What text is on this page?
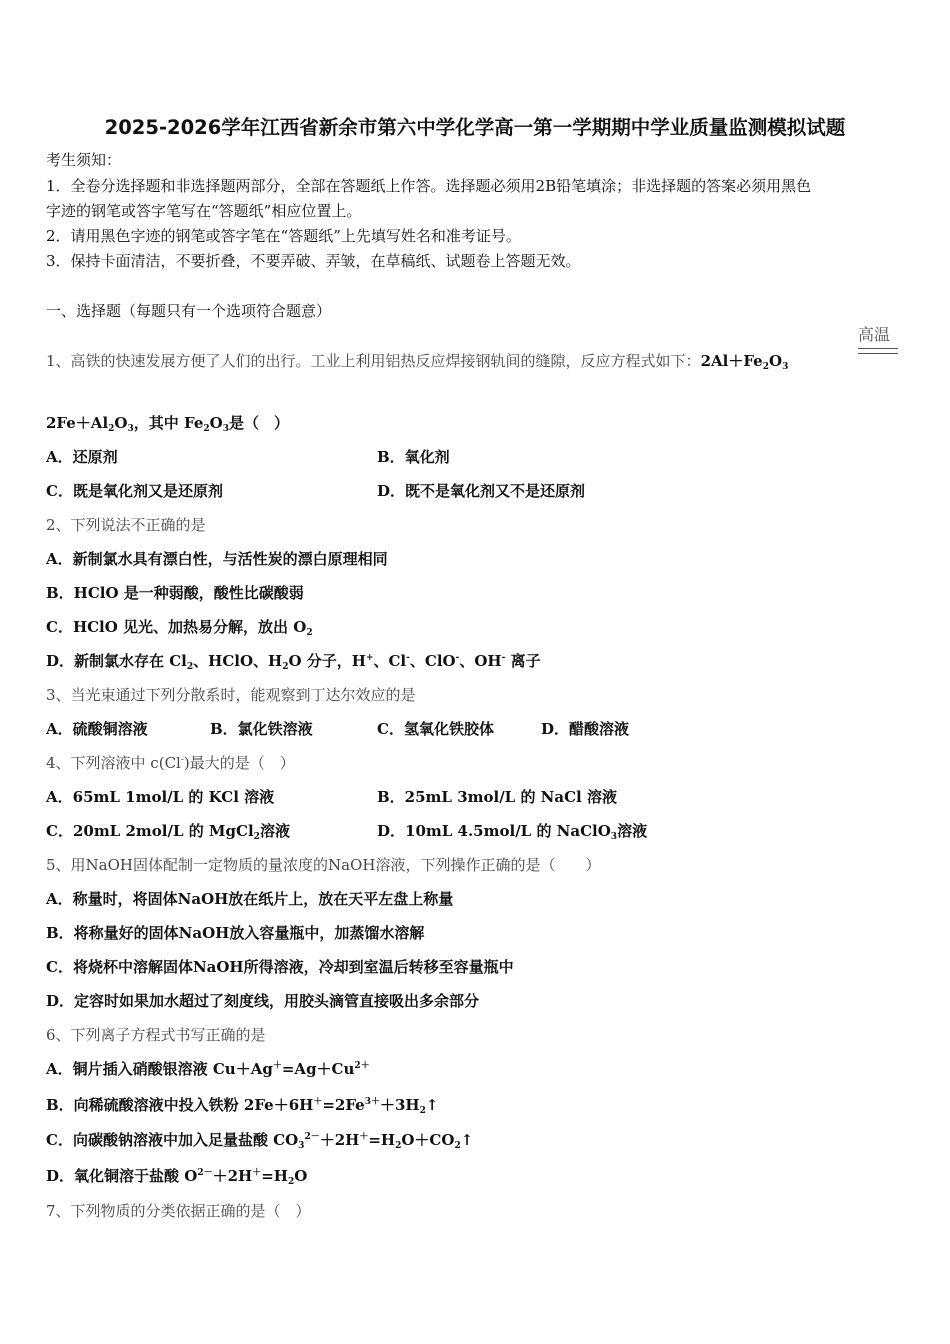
2025-2026学年江西省新余市第六中学化学高一第一学期期中学业质量监测模拟试题
考生须知：
1．全卷分选择题和非选择题两部分，全部在答题纸上作答。选择题必须用2B铅笔填涂；非选择题的答案必须用黑色
字迹的钢笔或答字笔写在“答题纸”相应位置上。
2．请用黑色字迹的钢笔或答字笔在“答题纸”上先填写姓名和准考证号。
3．保持卡面清洁，不要折叠，不要弄破、弄皱，在草稿纸、试题卷上答题无效。
一、选择题（每题只有一个选项符合题意）
1、高铁的快速发展方便了人们的出行。工业上利用铝热反应焊接钢轨间的缝隙，反应方程式如下：$2Al+Fe_2O_3$
高温
$2Fe+Al_2O_3$，其中 $Fe_2O_3$是（　）
A．还原剂	B．氧化剂
C．既是氧化剂又是还原剂	D．既不是氧化剂又不是还原剂
2、下列说法不正确的是
A．新制氯水具有漂白性，与活性炭的漂白原理相同
B．HClO 是一种弱酸，酸性比碳酸弱
C．HClO 见光、加热易分解，放出 $O_2$
D．新制氯水存在 $Cl_2$、HClO、$H_2O$ 分子，H+、Cl-、ClO-、OH- 离子
3、当光束通过下列分散系时，能观察到丁达尔效应的是
A．硫酸铜溶液	B．氯化铁溶液	C．氢氧化铁胶体	D．醋酸溶液
4、下列溶液中 c(Cl-)最大的是（　）
A．65mL 1mol/L 的 KCl 溶液	B．25mL 3mol/L 的 NaCl 溶液
C．20mL 2mol/L 的 MgCl$_2$溶液	D．10mL 4.5mol/L 的 NaClO$_3$溶液
5、用NaOH固体配制一定物质的量浓度的NaOH溶液，下列操作正确的是（　　）
A．称量时，将固体NaOH放在纸片上，放在天平左盘上称量
B．将称量好的固体NaOH放入容量瓶中，加蒸馏水溶解
C．将烧杯中溶解固体NaOH所得溶液，冷却到室温后转移至容量瓶中
D．定容时如果加水超过了刻度线，用胶头滴管直接吸出多余部分
6、下列离子方程式书写正确的是
A．铜片插入硝酸银溶液 $Cu+Ag^+=Ag+Cu^{2+}$
B．向稀硫酸溶液中投入铁粉 $2Fe+6H^+=2Fe^{3+}+3H_2↑$
C．向碳酸钠溶液中加入足量盐酸 $CO_3^{2-}+2H^+=H_2O+CO_2↑$
D．氧化铜溶于盐酸 $O^{2-}+2H^+=H_2O$
7、下列物质的分类依据正确的是（　）
